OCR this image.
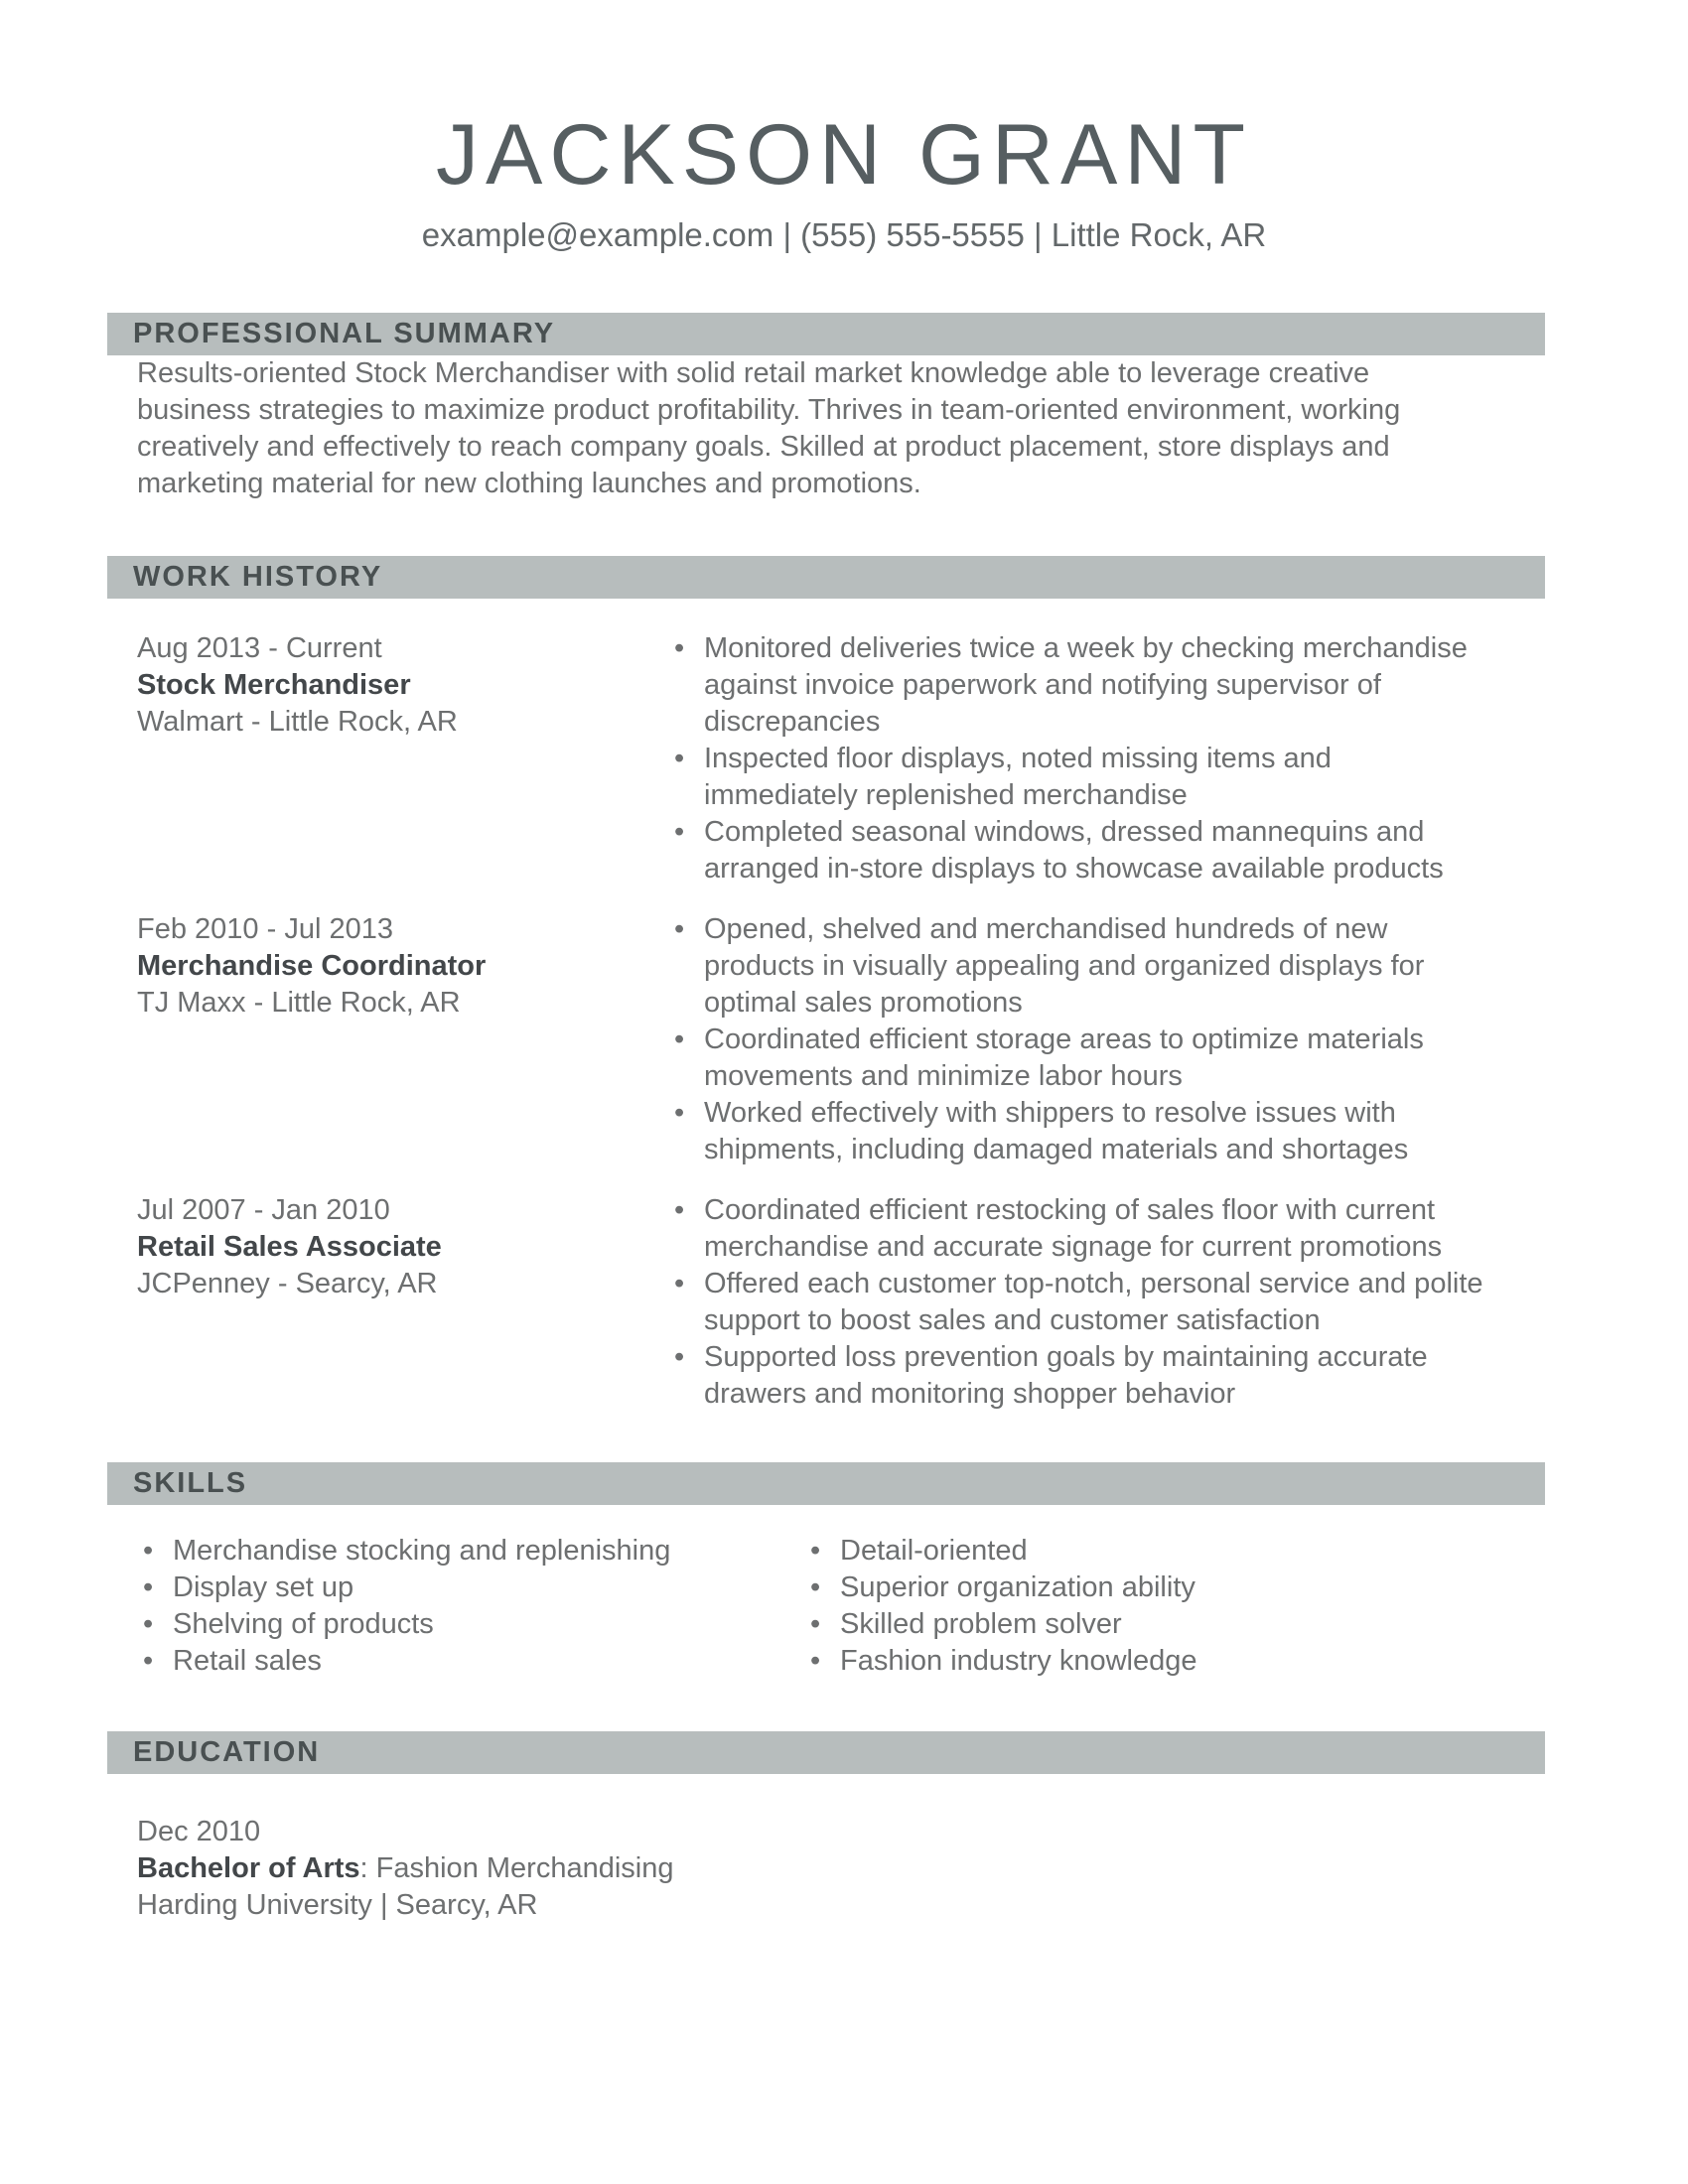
JACKSON GRANT
example@example.com | (555) 555-5555 | Little Rock, AR
PROFESSIONAL SUMMARY

Results-oriented Stock Merchandiser with solid retail market knowledge able to leverage creative business strategies to maximize product profitability. Thrives in team-oriented environment, working creatively and effectively to reach company goals. Skilled at product placement, store displays and marketing material for new clothing launches and promotions.

WORK HISTORY
Aug 2013 - Current
Stock Merchandiser
Walmart - Little Rock, AR
• Monitored deliveries twice a week by checking merchandise against invoice paperwork and notifying supervisor of discrepancies
• Inspected floor displays, noted missing items and immediately replenished merchandise
• Completed seasonal windows, dressed mannequins and arranged in-store displays to showcase available products
Feb 2010 - Jul 2013
Merchandise Coordinator
TJ Maxx - Little Rock, AR
• Opened, shelved and merchandised hundreds of new products in visually appealing and organized displays for optimal sales promotions
• Coordinated efficient storage areas to optimize materials movements and minimize labor hours
• Worked effectively with shippers to resolve issues with shipments, including damaged materials and shortages
Jul 2007 - Jan 2010
Retail Sales Associate
JCPenney - Searcy, AR
• Coordinated efficient restocking of sales floor with current merchandise and accurate signage for current promotions
• Offered each customer top-notch, personal service and polite support to boost sales and customer satisfaction
• Supported loss prevention goals by maintaining accurate drawers and monitoring shopper behavior
SKILLS
• Merchandise stocking and replenishing
• Display set up
• Shelving of products
• Retail sales
• Detail-oriented
• Superior organization ability
• Skilled problem solver
• Fashion industry knowledge
EDUCATION
Dec 2010
Bachelor of Arts: Fashion Merchandising
Harding University | Searcy, AR
